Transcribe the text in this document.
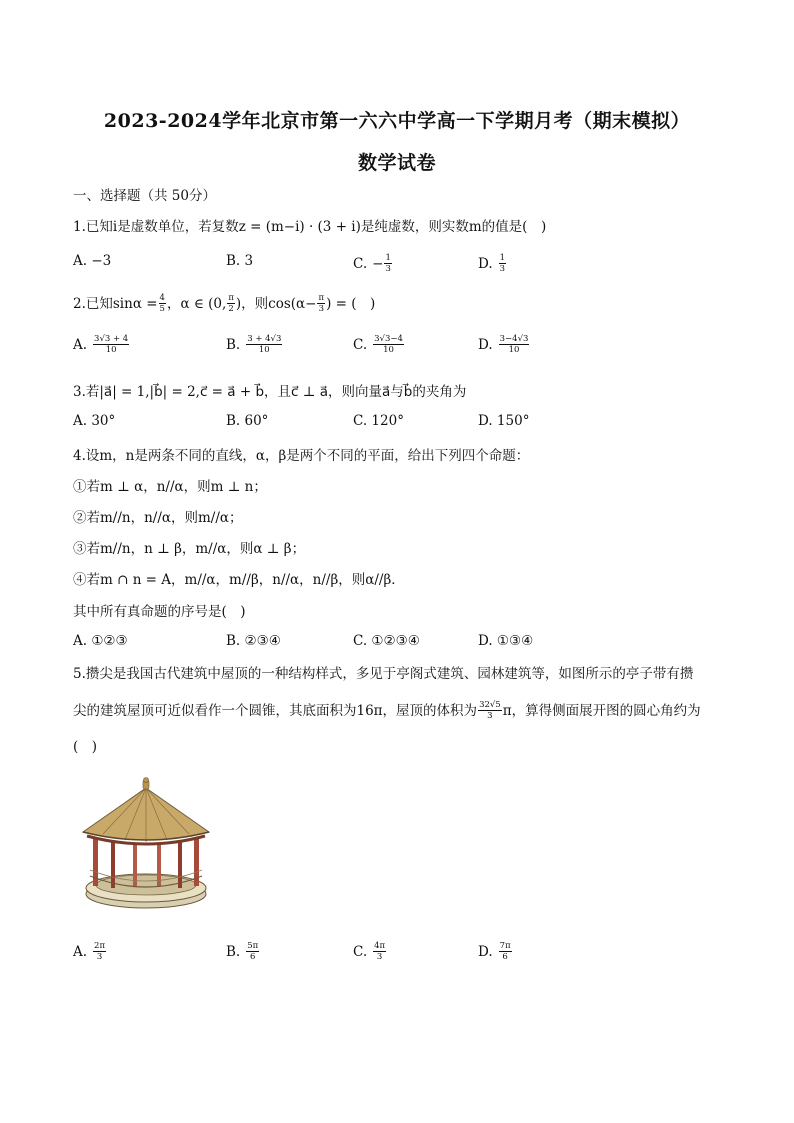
2023-2024学年北京市第一六六中学高一下学期月考（期末模拟）
数学试卷
一、选择题（共 50分）
1.已知i是虚数单位，若复数z = (m−i) · (3 + i)是纯虚数，则实数m的值是(　)
A. −3	B. 3	C. − $\frac{1}{3}$	D. $\frac{1}{3}$
2.已知$\sin\alpha = \frac{4}{5}$ ，α ∈ (0, $\frac{\pi}{2}$ )，则$\cos(\alpha- \frac{\pi}{3}$ ) = (　)
A. $\frac{3√3 + 4}{10}$	B. $\frac{3 + 4√3}{10}$	C. $\frac{3√3-4}{10}$	D. $\frac{3-4√3}{10}$
3.若|a⃗| = 1,|b⃗| = 2,c⃗ = a⃗ + b⃗，且c⃗ ⊥ a⃗，则向量a⃗与b⃗的夹角为
A. 30°	B. 60°	C. 120°	D. 150°
4.设m，n是两条不同的直线，α，β是两个不同的平面，给出下列四个命题：
①若m ⊥ α，n//α，则m ⊥ n；
②若m//n，n//α，则m//α；
③若m//n，n ⊥ β，m//α，则α ⊥ β；
④若m ∩ n = A，m//α，m//β，n//α，n//β，则α//β．
其中所有真命题的序号是(　)
A. ①②③	B. ②③④	C. ①②③④	D. ①③④
5.攒尖是我国古代建筑中屋顶的一种结构样式，多见于亭阁式建筑、园林建筑等，如图所示的亭子带有攒
尖的建筑屋顶可近似看作一个圆锥，其底面积为16π，屋顶的体积为 $\frac{32√5}{3}$ π，算得侧面展开图的圆心角约为
(　)
A. $\frac{2\pi}{3}$	B. $\frac{5\pi}{6}$	C. $\frac{4\pi}{3}$	D. $\frac{7\pi}{6}$
